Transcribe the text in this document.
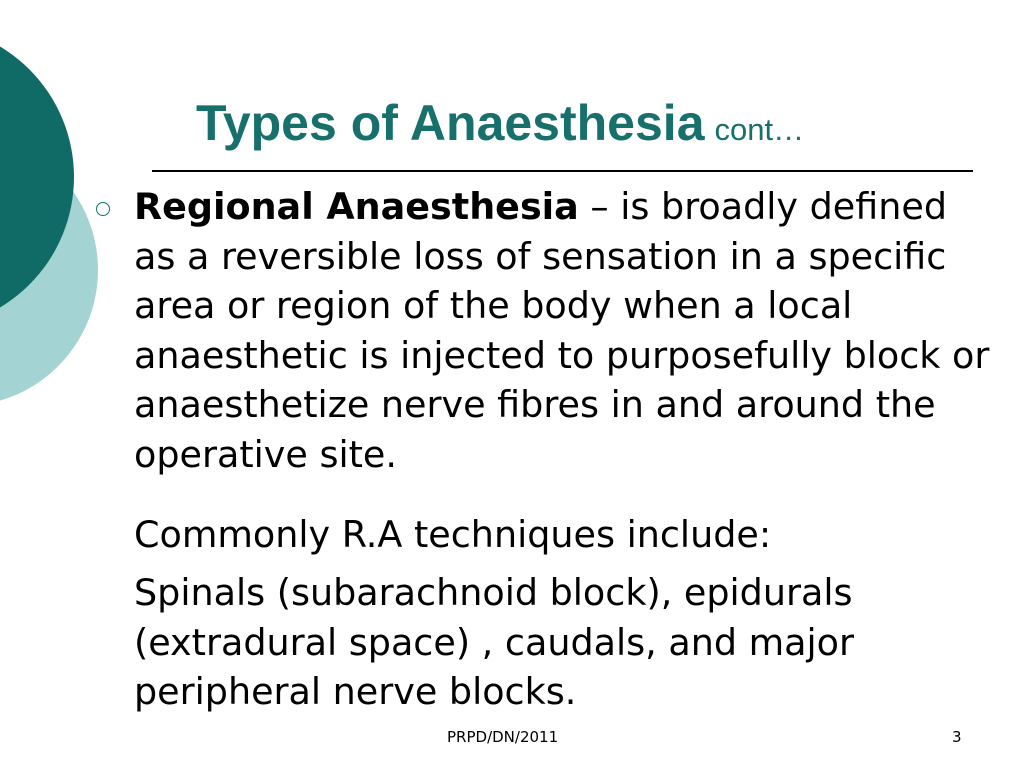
Types of Anaesthesia cont…

Regional Anaesthesia – is broadly defined as a reversible loss of sensation in a specific area or region of the body when a local anaesthetic is injected to purposefully block or anaesthetize nerve fibres in and around the operative site.

Commonly R.A techniques include:

Spinals (subarachnoid block), epidurals (extradural space) , caudals, and major peripheral nerve blocks.

PRPD/DN/2011	3
